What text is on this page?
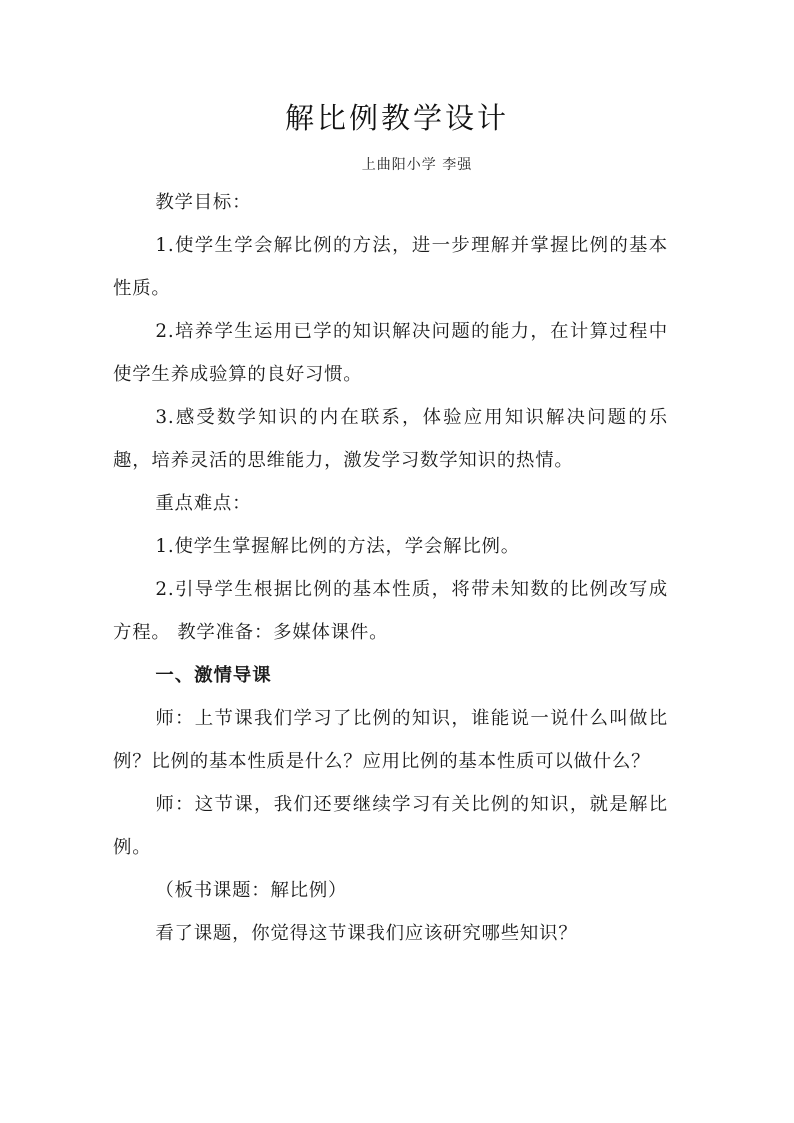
解比例教学设计
上曲阳小学 李强

教学目标：

1.使学生学会解比例的方法，进一步理解并掌握比例的基本性质。

2.培养学生运用已学的知识解决问题的能力，在计算过程中使学生养成验算的良好习惯。

3.感受数学知识的内在联系，体验应用知识解决问题的乐趣，培养灵活的思维能力，激发学习数学知识的热情。

重点难点：

1.使学生掌握解比例的方法，学会解比例。

2.引导学生根据比例的基本性质，将带未知数的比例改写成方程。 教学准备：多媒体课件。

一、激情导课

师：上节课我们学习了比例的知识，谁能说一说什么叫做比例？比例的基本性质是什么？应用比例的基本性质可以做什么？

师：这节课，我们还要继续学习有关比例的知识，就是解比例。

（板书课题：解比例）

看了课题，你觉得这节课我们应该研究哪些知识？
